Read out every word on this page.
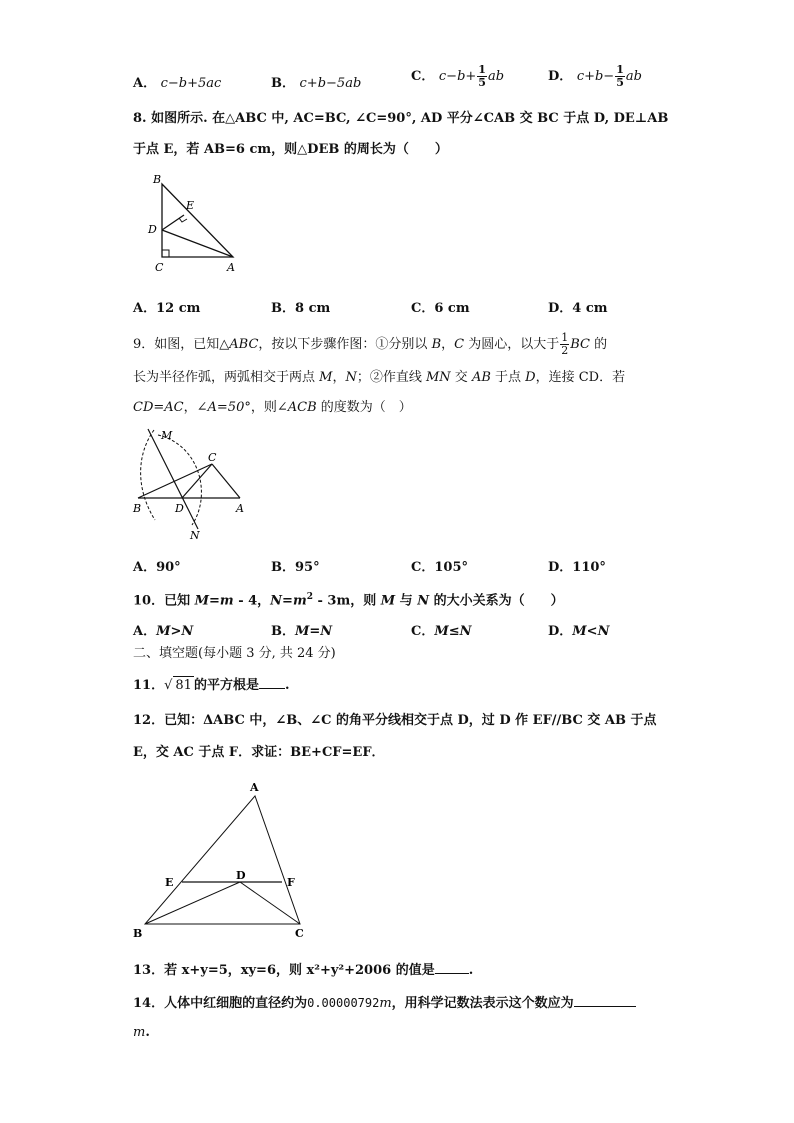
A． c−b+5ac	B． c+b−5ab	C． $c-b+ \frac{1}{5}$ ab	D． $c+b- \frac{1}{5}$ ab
8. 如图所示. 在△ABC 中, AC=BC, ∠C=90°, AD 平分∠CAB 交 BC 于点 D, DE⊥AB
于点 E，若 AB=6 cm，则△DEB 的周长为（　　）
B
E
D
C	A
A．12 cm	B．8 cm	C．6 cm	D．4 cm
9．如图，已知△ABC，按以下步骤作图：①分别以 B，C 为圆心，以大于 $\frac{1}{2}$ BC 的
长为半径作弧，两弧相交于两点 M，N；②作直线 MN 交 AB 于点 D，连接 CD．若
CD=AC，∠A=50°，则∠ACB 的度数为（　）
M
C
B	D	A
N
A．90°	B．95°	C．105°	D．110°
10．已知 M=m - 4，$N=m^2 - 3m$，则 M 与 N 的大小关系为（　　）
A．M>N	B．M=N	C．M≤N	D．M<N
二、填空题(每小题 3 分, 共 24 分)
11．√ 81 的平方根是 .
12．已知：ΔABC 中，∠B、∠C 的角平分线相交于点 D，过 D 作 EF//BC 交 AB 于点
E，交 AC 于点 F．求证：BE+CF=EF．
A
E
D
F
B	C
13．若 x+y=5，xy=6，则 x²+y²+2006 的值是	.
14．人体中红细胞的直径约为0.00000792m，用科学记数法表示这个数应为
m.
